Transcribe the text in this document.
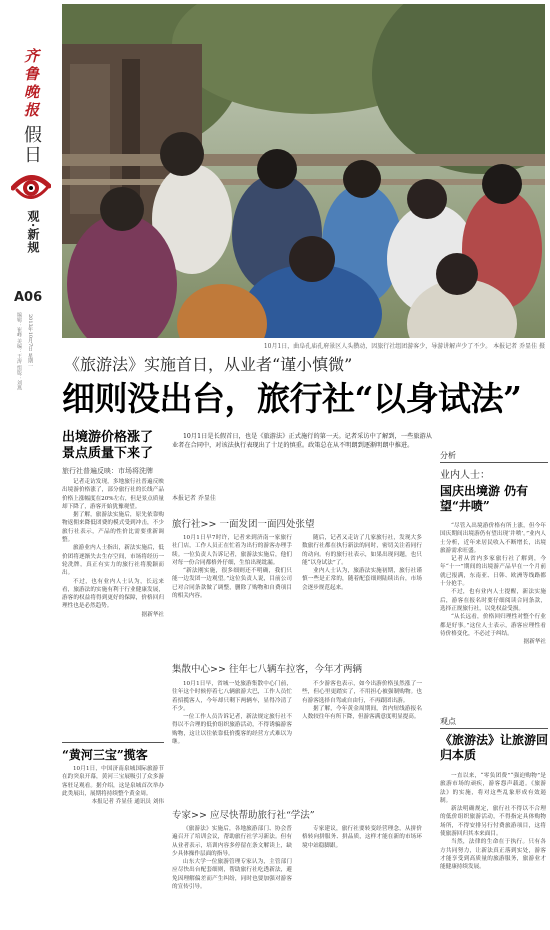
齐鲁晚报
假日
观·新规
A06
编辑：崔峰 美编：王涛 组版：刘燕 2013年10月7日 星期一	10月1日，曲阜孔庙孔府景区人头攒动，因旅行社组团游客少，导游讲解声少了不少。 本报记者 乔显佳 摄
《旅游法》实施首日，从业者“谨小慎微”
细则没出台，旅行社“以身试法”
出境游价格涨了 景点质量下来了
旅行社普遍反映：市场将洗牌

记者走访发现，多地旅行社普遍反映出境游价格涨了，部分旅行社的长线产品价格上涨幅度在20%左右，但是景点质量却下降了，游客开始犹豫观望。

据了解，旅游法实施后，原先依靠购物返佣来降低团费的模式受到冲击，不少旅行社表示，产品的性价比需要重新调整。

旅游业内人士指出，新法实施后，低价团将逐渐失去生存空间，市场将经历一轮洗牌，真正有实力的旅行社将脱颖而出。

不过，也有业内人士认为，长远来看，旅游法的实施有利于行业健康发展，游客的权益将得到更好的保障，价格回归理性也是必然趋势。

据新华社

“黄河三宝”揽客

10月1日，中国济南泉城国际旅游节在趵突泉开幕，黄河三宝展吸引了众多游客驻足观看。据介绍，这是泉城首次举办此类展出，展期将持续整个黄金周。

本报记者 乔显佳 通讯员 刘伟

10月1日是长假首日，也是《旅游法》正式施行的第一天。记者采访中了解到，一些旅游从业者在合同中，对该法执行表现出了十足的慎重。政策总在从不明朗到逐渐明朗中推进。

本报记者 乔显佳
旅行社>> 一面发团一面四处张望

10月1日早7时许，记者来到济南一家旅行社门店，工作人员正在忙着为出行的游客办理手续。一位负责人告诉记者，旅游法实施后，他们对每一份合同都格外仔细，生怕出现纰漏。

“新法刚实施，很多细则还不明确，我们只能一边发团一边观望。”这位负责人说，目前公司已对合同条款做了调整，删除了购物和自费项目的相关内容。

随后，记者又走访了几家旅行社，发现大多数旅行社都在执行新法的同时，密切关注着同行的动向。有的旅行社表示，如果出现问题，也只能“以身试法”了。

业内人士认为，旅游法实施初期，旅行社谨慎一些是正常的，随着配套细则陆续出台，市场会逐步规范起来。

集散中心>> 往年七八辆车拉客，今年才两辆

10月1日早，省城一处旅游集散中心门前，往年这个时候停着七八辆旅游大巴，工作人员忙着招揽客人，今年却只剩下两辆车，显得冷清了不少。

一位工作人员告诉记者，新法规定旅行社不得以不合理的低价组织旅游活动，不得诱骗游客购物，这让以往依靠低价揽客的经营方式难以为继。

不少游客也表示，如今出游价格虽然涨了一些，但心里更踏实了，不用担心被强制购物。也有游客选择自驾或自由行，不再跟团出游。

据了解，今年黄金周期间，省内短线游报名人数较往年有所下降，但游客满意度明显提高。

专家>> 应尽快帮助旅行社“学法”

《旅游法》实施后，各地旅游部门、协会普遍召开了培训会议，帮助旅行社学习新法。但有从业者表示，培训内容多停留在条文解读上，缺少具体操作层面的指导。

山东大学一位旅游管理专家认为，主管部门应尽快出台配套细则，帮助旅行社吃透新法，避免因理解偏差而产生纠纷，同时也要加强对游客的宣传引导。

专家建议，旅行社要转变经营理念，从拼价格转向拼服务、拼品质，这样才能在新的市场环境中站稳脚跟。

分析
业内人士：
国庆出境游 仍有望“井喷”

“尽管入出境游价格有所上涨，但今年国庆期间出境游仍有望出现‘井喷’。”业内人士分析，近年来居民收入不断增长，出境旅游需求旺盛。

记者从省内多家旅行社了解到，今年“十一”期间的出境游产品早在一个月前就已报满，东南亚、日韩、欧洲等线路都十分抢手。

不过，也有业内人士提醒，新法实施后，游客在报名时要仔细阅读合同条款，选择正规旅行社，以免权益受损。

“从长远看，价格回归理性对整个行业都是好事。”这位人士表示，游客应理性看待价格变化，不必过于纠结。

据新华社

观点
《旅游法》让旅游回归本质

一直以来，“零负团费”“强迫购物”是旅游市场的顽疾，游客怨声载道。《旅游法》的实施，将对这些乱象形成有效遏制。

新法明确规定，旅行社不得以不合理的低价组织旅游活动，不得指定具体购物场所，不得安排另行付费旅游项目，这将使旅游回归其本来面目。

当然，法律的生命在于执行。只有各方共同努力，让新法真正落到实处，游客才能享受到高质量的旅游服务，旅游业才能健康持续发展。
